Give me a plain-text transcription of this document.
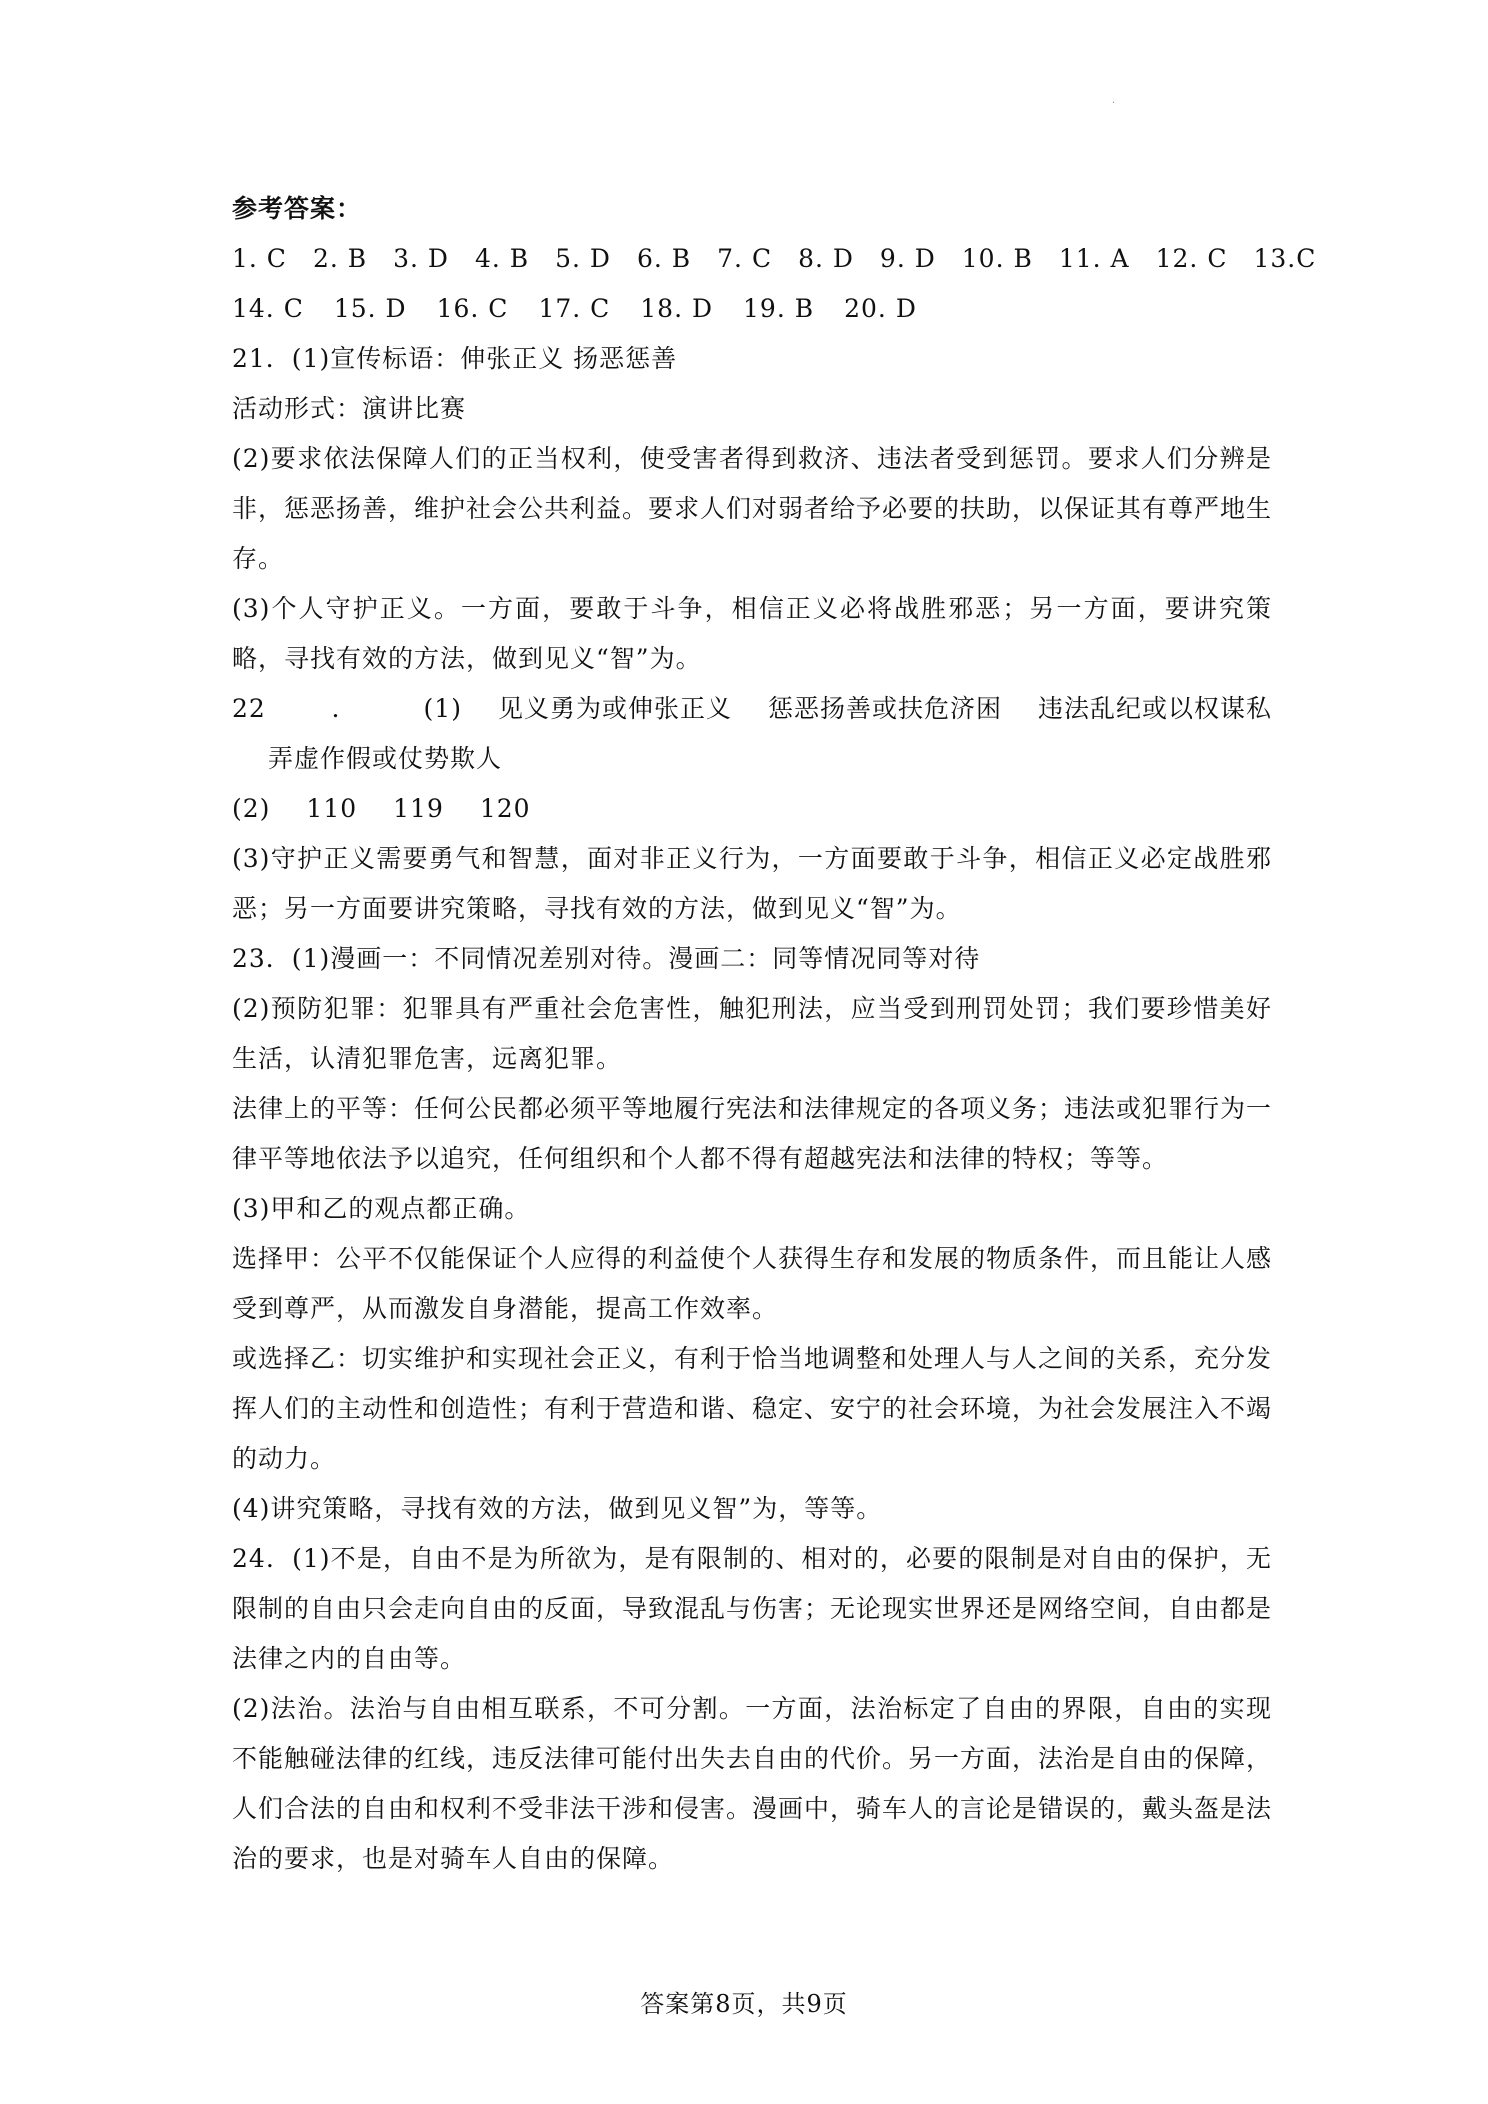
·

参考答案：

1. C 2. B 3. D 4. B 5. D 6. B 7. C 8. D 9. D 10. B 11. A 12. C 13.C

14. C 15. D 16. C 17. C 18. D 19. B 20. D

21．(1)宣传标语：伸张正义 扬恶惩善

活动形式：演讲比赛

(2)要求依法保障人们的正当权利，使受害者得到救济、违法者受到惩罚。要求人们分辨是非，惩恶扬善，维护社会公共利益。要求人们对弱者给予必要的扶助，以保证其有尊严地生存。

(3)个人守护正义。一方面，要敢于斗争，相信正义必将战胜邪恶；另一方面，要讲究策略，寻找有效的方法，做到见义“智”为。

22．(1) 见义勇为或伸张正义 惩恶扬善或扶危济困 违法乱纪或以权谋私弄虚作假或仗势欺人

(2) 110 119 120

(3)守护正义需要勇气和智慧，面对非正义行为，一方面要敢于斗争，相信正义必定战胜邪恶；另一方面要讲究策略，寻找有效的方法，做到见义“智”为。

23．(1)漫画一：不同情况差别对待。漫画二：同等情况同等对待

(2)预防犯罪：犯罪具有严重社会危害性，触犯刑法，应当受到刑罚处罚；我们要珍惜美好生活，认清犯罪危害，远离犯罪。

法律上的平等：任何公民都必须平等地履行宪法和法律规定的各项义务；违法或犯罪行为一律平等地依法予以追究，任何组织和个人都不得有超越宪法和法律的特权；等等。

(3)甲和乙的观点都正确。

选择甲：公平不仅能保证个人应得的利益使个人获得生存和发展的物质条件，而且能让人感受到尊严，从而激发自身潜能，提高工作效率。

或选择乙：切实维护和实现社会正义，有利于恰当地调整和处理人与人之间的关系，充分发挥人们的主动性和创造性；有利于营造和谐、稳定、安宁的社会环境，为社会发展注入不竭的动力。

(4)讲究策略，寻找有效的方法，做到见义智”为，等等。

24．(1)不是，自由不是为所欲为，是有限制的、相对的，必要的限制是对自由的保护，无限制的自由只会走向自由的反面，导致混乱与伤害；无论现实世界还是网络空间，自由都是法律之内的自由等。

(2)法治。法治与自由相互联系，不可分割。一方面，法治标定了自由的界限，自由的实现不能触碰法律的红线，违反法律可能付出失去自由的代价。另一方面，法治是自由的保障，人们合法的自由和权利不受非法干涉和侵害。漫画中，骑车人的言论是错误的，戴头盔是法治的要求，也是对骑车人自由的保障。

答案第8页，共9页
